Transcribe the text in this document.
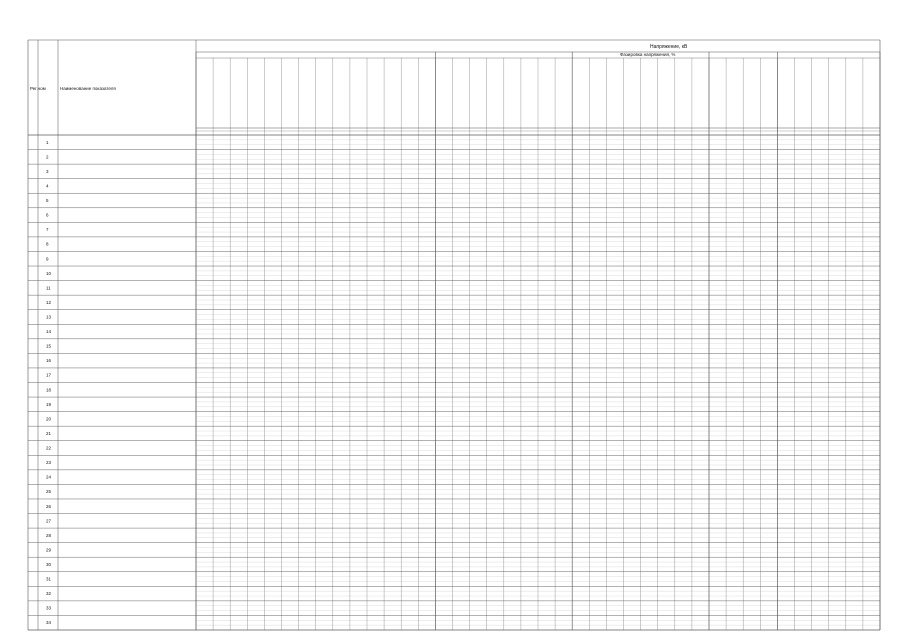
Напряжение, кВ
Фазировка напряжения, %
Рег.ном	Наименование показателя
1
2
3
4
5
6
7
8
9
10
11
12
13
14
15
16
17
18
19
20
21
22
23
24
25
26
27
28
29
30
31
32
33
34
